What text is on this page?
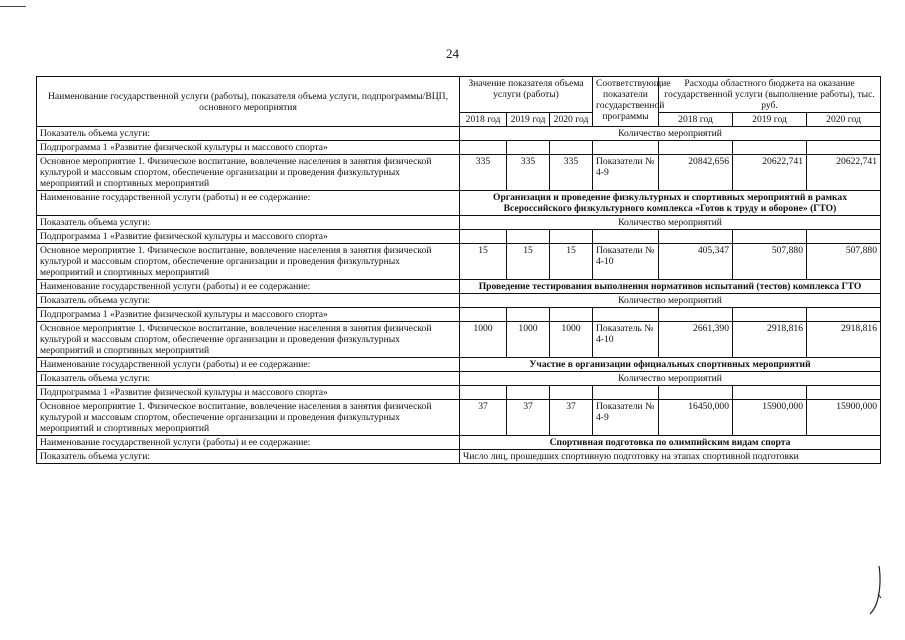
24
Наименование государственной услуги (работы), показателя объема услуги, подпрограммы/ВЦП, основного мероприятия	Значение показателя объема услуги (работы)			Соответствующие показатели государственной программы	Расходы областного бюджета на оказание государственной услуги (выполнение работы), тыс. руб.		
	2018 год	2019 год	2020 год		2018 год	2019 год	2020 год
Показатель объема услуги:	Количество мероприятий						
Подпрограмма 1 «Развитие физической культуры и массового спорта»							
Основное мероприятие 1. Физическое воспитание, вовлечение населения в занятия физической культурой и массовым спортом, обеспечение организации и проведения физкультурных мероприятий и спортивных мероприятий	335	335	335	Показатели № 4-9	20842,656	20622,741	20622,741
Наименование государственной услуги (работы) и ее содержание:	Организация и проведение физкультурных и спортивных мероприятий в рамках Всероссийского физкультурного комплекса «Готов к труду и обороне» (ГТО)						
Показатель объема услуги:	Количество мероприятий						
Подпрограмма 1 «Развитие физической культуры и массового спорта»							
Основное мероприятие 1. Физическое воспитание, вовлечение населения в занятия физической культурой и массовым спортом, обеспечение организации и проведения физкультурных мероприятий и спортивных мероприятий	15	15	15	Показатели № 4-10	405,347	507,880	507,880
Наименование государственной услуги (работы) и ее содержание:	Проведение тестирования выполнения нормативов испытаний (тестов) комплекса ГТО						
Показатель объема услуги:	Количество мероприятий						
Подпрограмма 1 «Развитие физической культуры и массового спорта»							
Основное мероприятие 1. Физическое воспитание, вовлечение населения в занятия физической культурой и массовым спортом, обеспечение организации и проведения физкультурных мероприятий и спортивных мероприятий	1000	1000	1000	Показатель № 4-10	2661,390	2918,816	2918,816
Наименование государственной услуги (работы) и ее содержание:	Участие в организации официальных спортивных мероприятий						
Показатель объема услуги:	Количество мероприятий						
Подпрограмма 1 «Развитие физической культуры и массового спорта»							
Основное мероприятие 1. Физическое воспитание, вовлечение населения в занятия физической культурой и массовым спортом, обеспечение организации и проведения физкультурных мероприятий и спортивных мероприятий	37	37	37	Показатели № 4-9	16450,000	15900,000	15900,000
Наименование государственной услуги (работы) и ее содержание:	Спортивная подготовка по олимпийским видам спорта						
Показатель объема услуги:	Число лиц, прошедших спортивную подготовку на этапах спортивной подготовки						
